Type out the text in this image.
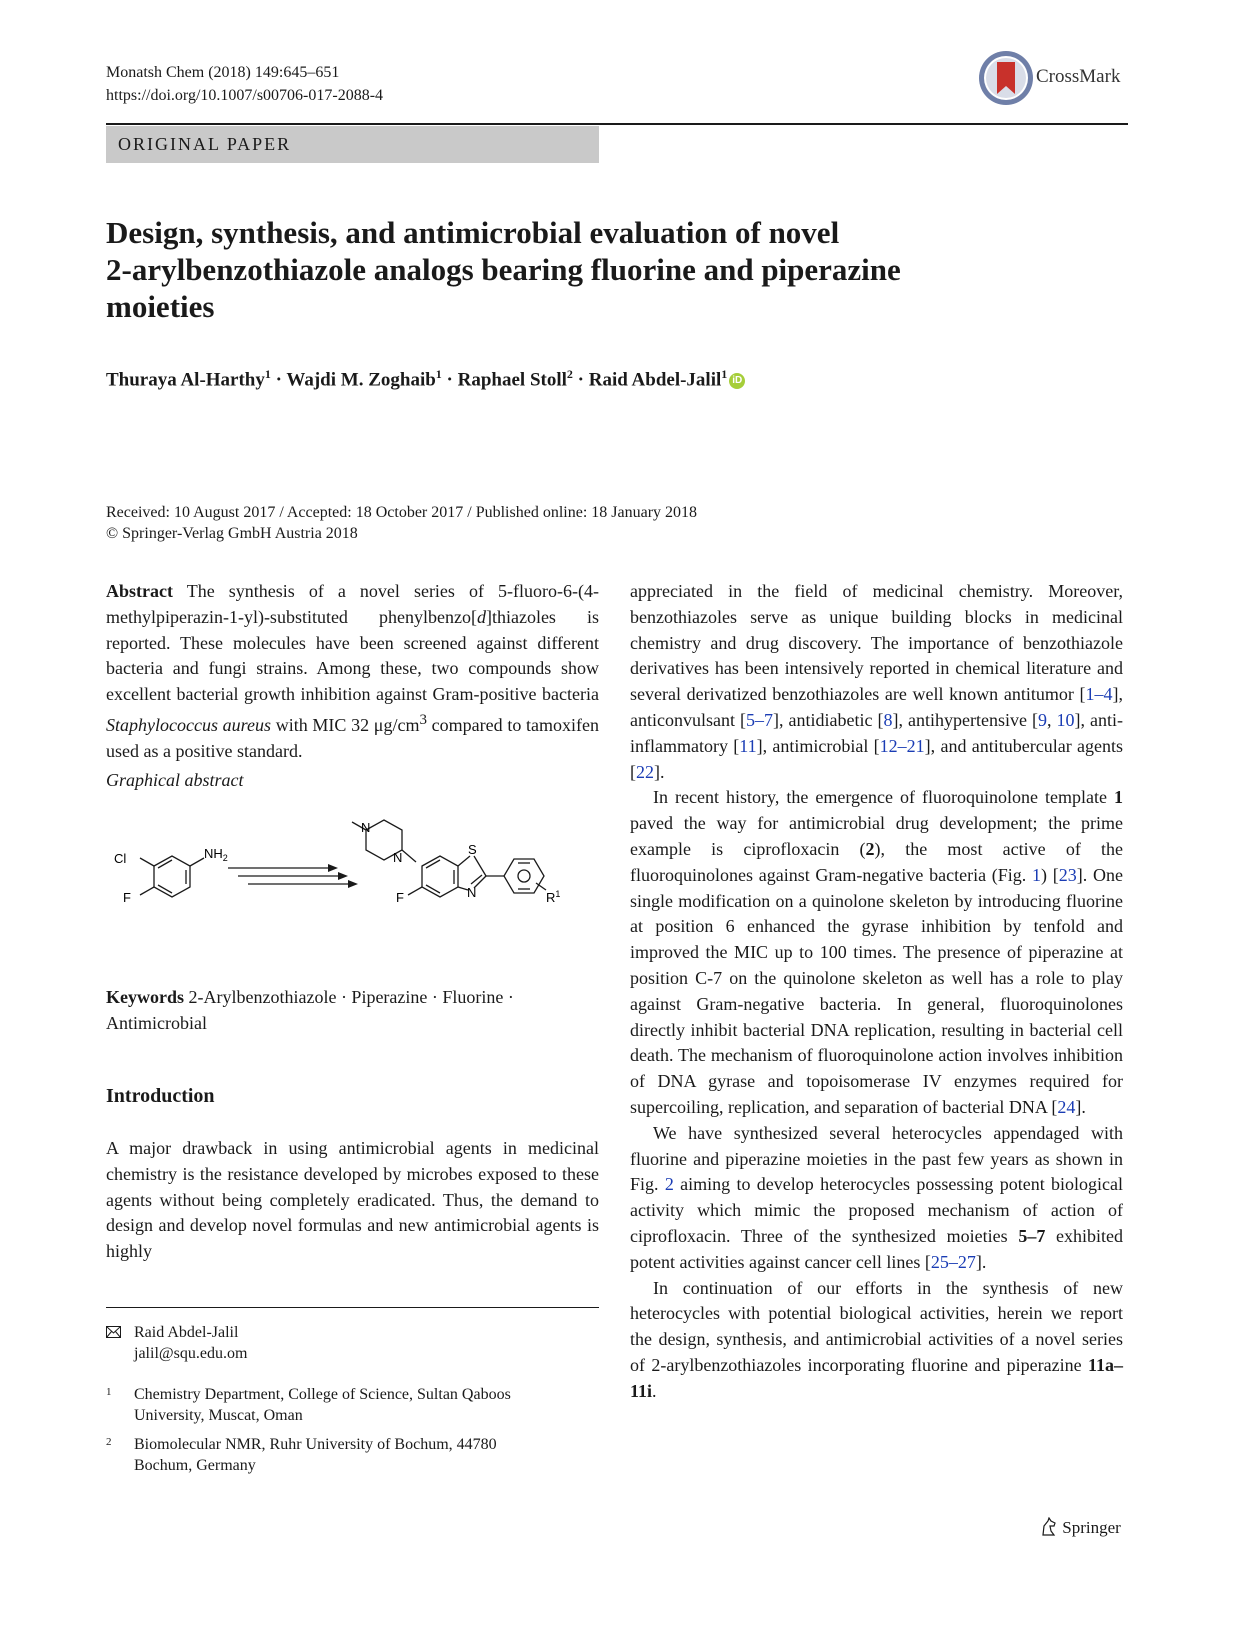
Monatsh Chem (2018) 149:645–651
https://doi.org/10.1007/s00706-017-2088-4
CrossMark
ORIGINAL PAPER
Design, synthesis, and antimicrobial evaluation of novel
2-arylbenzothiazole analogs bearing fluorine and piperazine
moieties
Thuraya Al-Harthy$^1$ · Wajdi M. Zoghaib$^1$ · Raphael Stoll$^2$ · Raid Abdel-Jalil$^1$ iD
Received: 10 August 2017 / Accepted: 18 October 2017 / Published online: 18 January 2018
© Springer-Verlag GmbH Austria 2018

Abstract The synthesis of a novel series of 5-fluoro-6-(4-methylpiperazin-1-yl)-substituted phenylbenzo[d]thiazoles is reported. These molecules have been screened against different bacteria and fungi strains. Among these, two compounds show excellent bacterial growth inhibition against Gram-positive bacteria Staphylococcus aureus with MIC 32 $\mu g/cm^3$ compared to tamoxifen used as a positive standard.

Graphical abstract

Cl	$NH_2$
F
N
N
S
N
F	$R^1$
Keywords 2-Arylbenzothiazole · Piperazine · Fluorine · Antimicrobial
Introduction
A major drawback in using antimicrobial agents in medicinal chemistry is the resistance developed by microbes exposed to these agents without being completely eradicated. Thus, the demand to design and develop novel formulas and new antimicrobial agents is highly
Raid Abdel-Jalil
jalil@squ.edu.om
1 Chemistry Department, College of Science, Sultan Qaboos
University, Muscat, Oman
2 Biomolecular NMR, Ruhr University of Bochum, 44780
Bochum, Germany

appreciated in the field of medicinal chemistry. Moreover, benzothiazoles serve as unique building blocks in medicinal chemistry and drug discovery. The importance of benzothiazole derivatives has been intensively reported in chemical literature and several derivatized benzothiazoles are well known antitumor [1–4], anticonvulsant [5–7], antidiabetic [8], antihypertensive [9, 10], anti-inflammatory [11], antimicrobial [12–21], and antitubercular agents [22].

In recent history, the emergence of fluoroquinolone template 1 paved the way for antimicrobial drug development; the prime example is ciprofloxacin (2), the most active of the fluoroquinolones against Gram-negative bacteria (Fig. 1) [23]. One single modification on a quinolone skeleton by introducing fluorine at position 6 enhanced the gyrase inhibition by tenfold and improved the MIC up to 100 times. The presence of piperazine at position C-7 on the quinolone skeleton as well has a role to play against Gram-negative bacteria. In general, fluoroquinolones directly inhibit bacterial DNA replication, resulting in bacterial cell death. The mechanism of fluoroquinolone action involves inhibition of DNA gyrase and topoisomerase IV enzymes required for supercoiling, replication, and separation of bacterial DNA [24].

We have synthesized several heterocycles appendaged with fluorine and piperazine moieties in the past few years as shown in Fig. 2 aiming to develop heterocycles possessing potent biological activity which mimic the proposed mechanism of action of ciprofloxacin. Three of the synthesized moieties 5–7 exhibited potent activities against cancer cell lines [25–27].

In continuation of our efforts in the synthesis of new heterocycles with potential biological activities, herein we report the design, synthesis, and antimicrobial activities of a novel series of 2-arylbenzothiazoles incorporating fluorine and piperazine 11a–11i.

Springer
